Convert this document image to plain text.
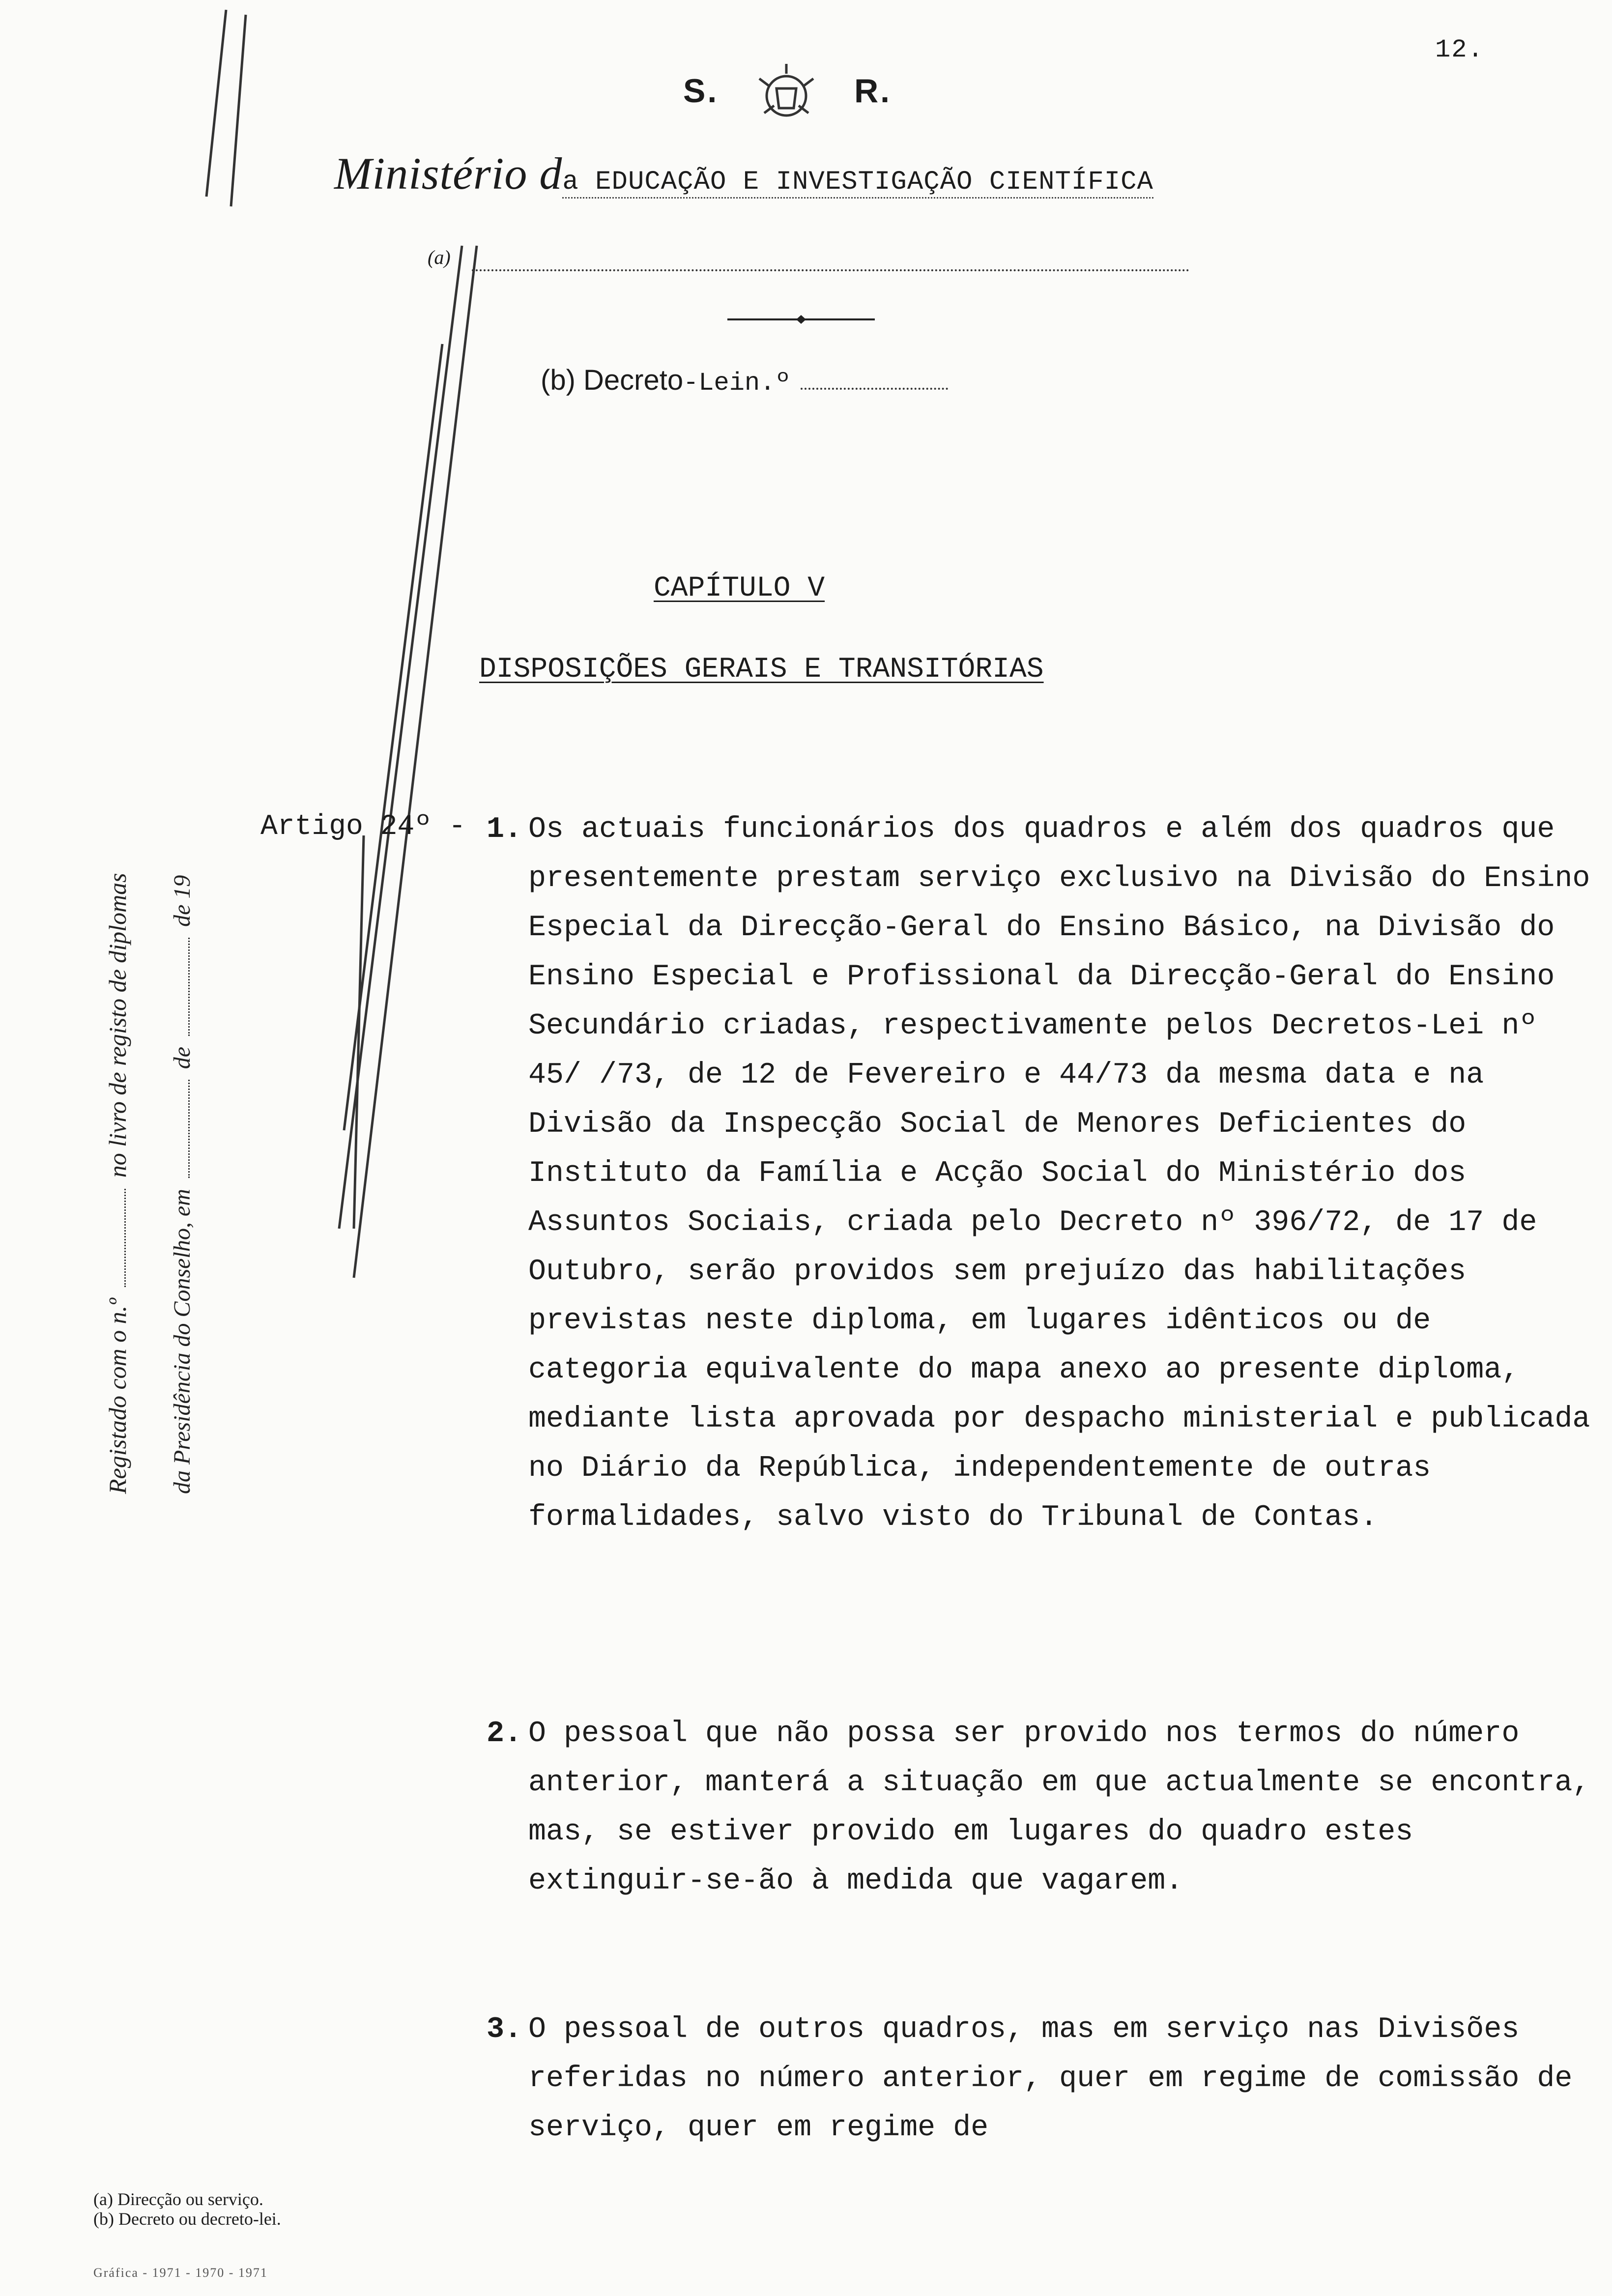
12.
S.	R.
Ministério da EDUCAÇÃO E INVESTIGAÇÃO CIENTÍFICA
(a)
(b) Decreto-Lein.º
CAPÍTULO V
DISPOSIÇÕES GERAIS E TRANSITÓRIAS
Artigo 24º - 1. Os actuais funcionários dos quadros e além dos quadros que presentemente prestam serviço exclusivo na Divisão do Ensino Especial da Direcção-Geral do Ensino Básico, na Divisão do Ensino Especial e Profissional da Direcção-Geral do Ensino Secundário criadas, respectivamente pelos Decretos-Lei nº 45/ /73, de 12 de Fevereiro e 44/73 da mesma data e na Divisão da Inspecção Social de Menores Deficientes do Instituto da Família e Acção Social do Ministério dos Assuntos Sociais, criada pelo Decreto nº 396/72, de 17 de Outubro, serão providos sem prejuízo das habilitações previstas neste diploma, em lugares idênticos ou de categoria equivalente do mapa anexo ao presente diploma, mediante lista aprovada por despacho ministerial e publicada no Diário da República, independentemente de outras formalidades, salvo visto do Tribunal de Contas.

2. O pessoal que não possa ser provido nos termos do número anterior, manterá a situação em que actualmente se encontra, mas, se estiver provido em lugares do quadro estes extinguir-se-ão à medida que vagarem.

3. O pessoal de outros quadros, mas em serviço nas Divisões referidas no número anterior, quer em regime de comissão de serviço, quer em regime de

Registado com o n.º  no livro de registo de diplomas
da Presidência do Conselho, em  de  de 19
(a) Direcção ou serviço.
(b) Decreto ou decreto-lei.
Gráfica - 1971 - 1970 - 1971
